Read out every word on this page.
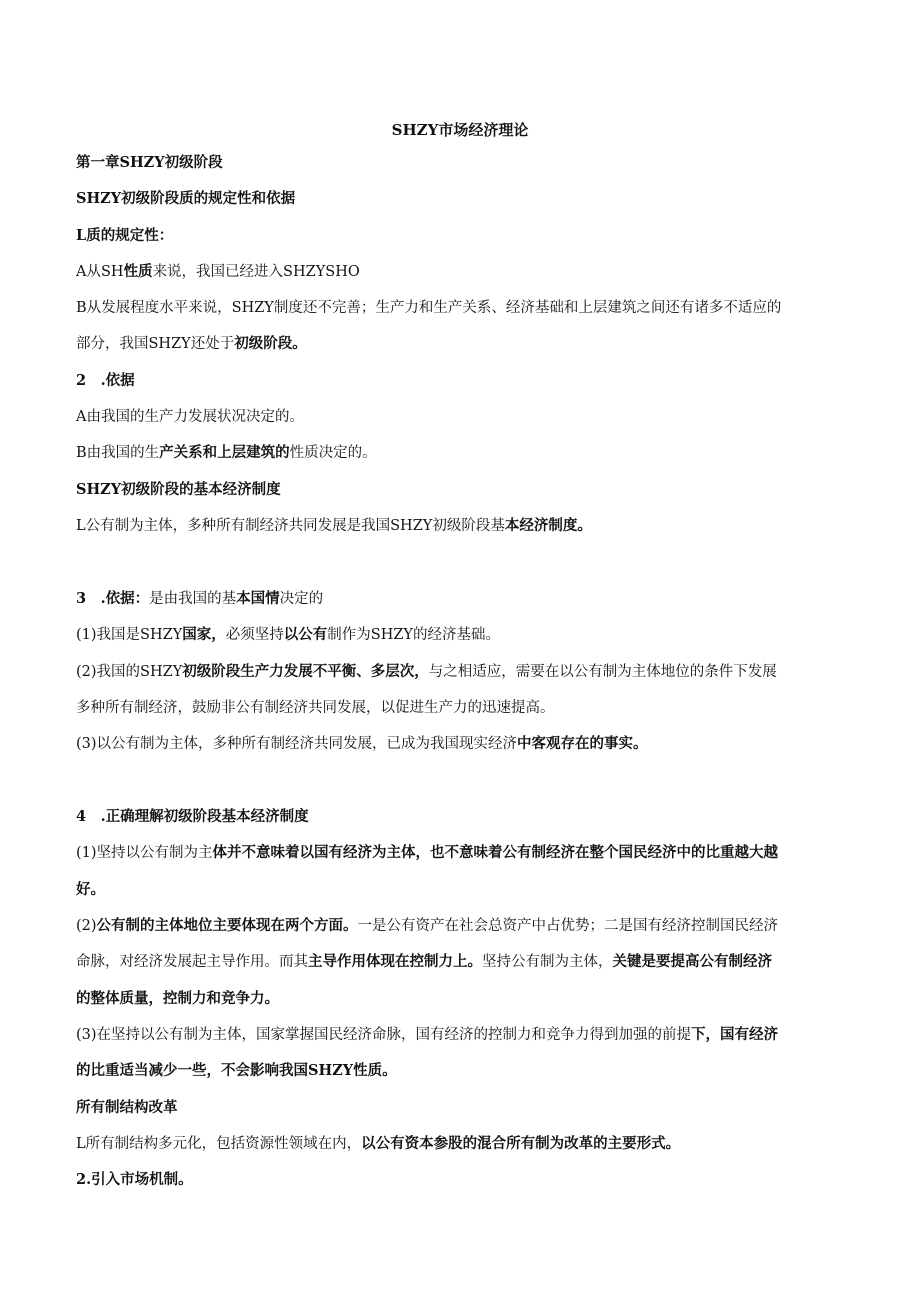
SHZY市场经济理论
第一章SHZY初级阶段
SHZY初级阶段质的规定性和依据
L质的规定性：
A从SH性质来说，我国已经进入SHZYSHO
B从发展程度水平来说，SHZY制度还不完善；生产力和生产关系、经济基础和上层建筑之间还有诸多不适应的
部分，我国SHZY还处于初级阶段。
2　.依据
A由我国的生产力发展状况决定的。
B由我国的生产关系和上层建筑的性质决定的。
SHZY初级阶段的基本经济制度
L公有制为主体，多种所有制经济共同发展是我国SHZY初级阶段基本经济制度。
3　.依据：是由我国的基本国情决定的
(1)我国是SHZY国家，必须坚持以公有制作为SHZY的经济基础。
(2)我国的SHZY初级阶段生产力发展不平衡、多层次，与之相适应，需要在以公有制为主体地位的条件下发展
多种所有制经济，鼓励非公有制经济共同发展，以促进生产力的迅速提高。
(3)以公有制为主体，多种所有制经济共同发展，已成为我国现实经济中客观存在的事实。
4　.正确理解初级阶段基本经济制度
(1)坚持以公有制为主体并不意味着以国有经济为主体，也不意味着公有制经济在整个国民经济中的比重越大越
好。
(2)公有制的主体地位主要体现在两个方面。一是公有资产在社会总资产中占优势；二是国有经济控制国民经济
命脉，对经济发展起主导作用。而其主导作用体现在控制力上。坚持公有制为主体，关键是要提高公有制经济
的整体质量，控制力和竞争力。
(3)在坚持以公有制为主体，国家掌握国民经济命脉，国有经济的控制力和竞争力得到加强的前提下，国有经济
的比重适当减少一些，不会影响我国SHZY性质。
所有制结构改革
L所有制结构多元化，包括资源性领域在内，以公有资本参股的混合所有制为改革的主要形式。
2.引入市场机制。
